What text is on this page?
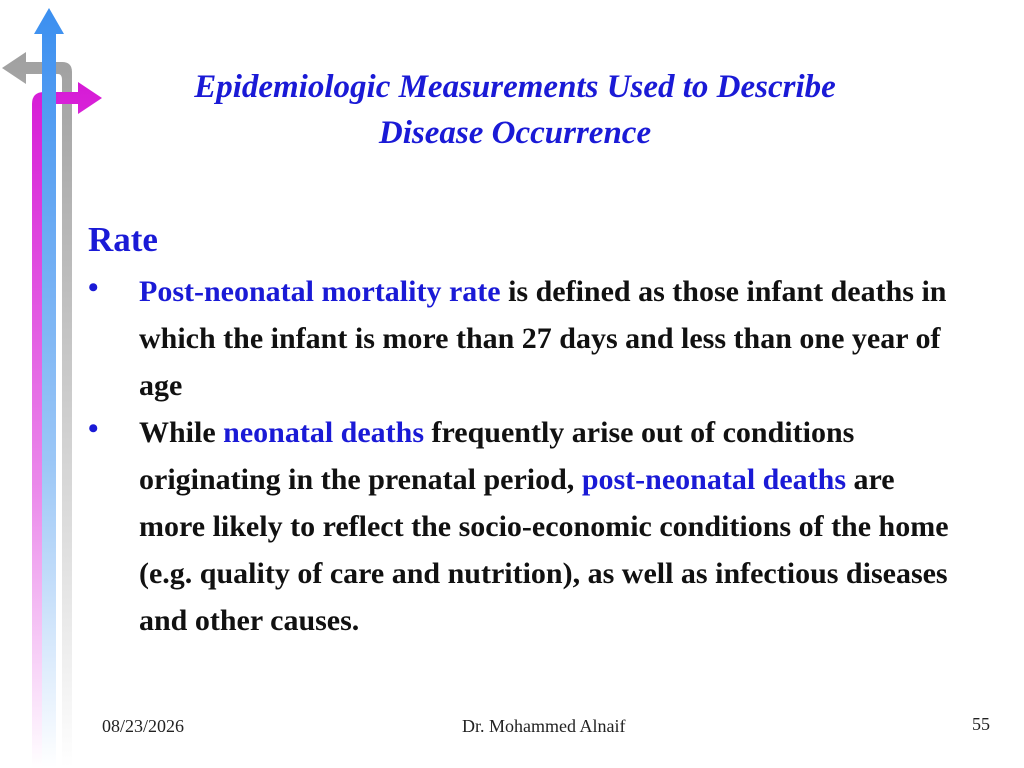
Epidemiologic Measurements Used to Describe
Disease Occurrence
Rate
• Post-neonatal mortality rate is defined as those infant deaths in which the infant is more than 27 days and less than one year of age
• While neonatal deaths frequently arise out of conditions originating in the prenatal period, post-neonatal deaths are more likely to reflect the socio-economic conditions of the home (e.g. quality of care and nutrition), as well as infectious diseases and other causes.
08/23/2026	Dr. Mohammed Alnaif	55
